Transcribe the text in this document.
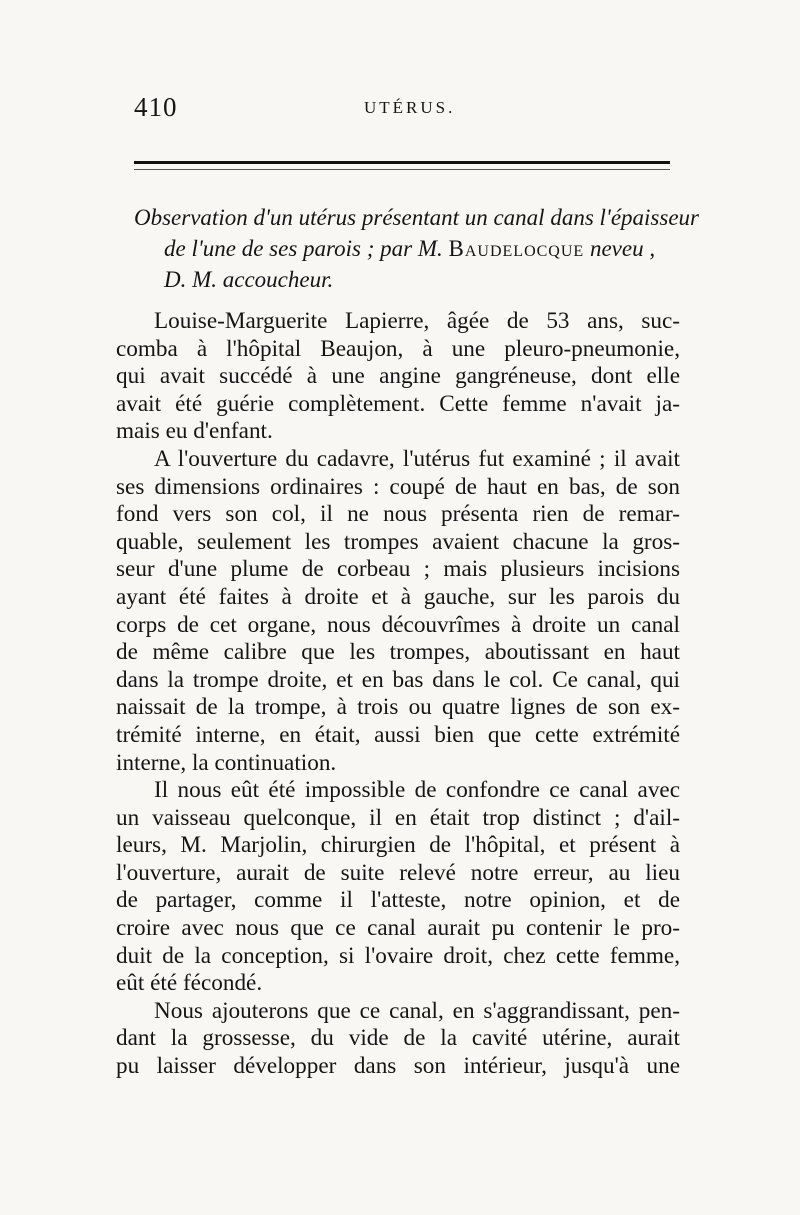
410	UTÉRUS.
Observation d'un utérus présentant un canal dans l'épaisseur
de l'une de ses parois ; par M. Baudelocque neveu ,
D. M. accoucheur.
Louise-Marguerite Lapierre, âgée de 53 ans, suc-
comba à l'hôpital Beaujon, à une pleuro-pneumonie,
qui avait succédé à une angine gangréneuse, dont elle
avait été guérie complètement. Cette femme n'avait ja-
mais eu d'enfant.
A l'ouverture du cadavre, l'utérus fut examiné ; il avait
ses dimensions ordinaires : coupé de haut en bas, de son
fond vers son col, il ne nous présenta rien de remar-
quable, seulement les trompes avaient chacune la gros-
seur d'une plume de corbeau ; mais plusieurs incisions
ayant été faites à droite et à gauche, sur les parois du
corps de cet organe, nous découvrîmes à droite un canal
de même calibre que les trompes, aboutissant en haut
dans la trompe droite, et en bas dans le col. Ce canal, qui
naissait de la trompe, à trois ou quatre lignes de son ex-
trémité interne, en était, aussi bien que cette extrémité
interne, la continuation.
Il nous eût été impossible de confondre ce canal avec
un vaisseau quelconque, il en était trop distinct ; d'ail-
leurs, M. Marjolin, chirurgien de l'hôpital, et présent à
l'ouverture, aurait de suite relevé notre erreur, au lieu
de partager, comme il l'atteste, notre opinion, et de
croire avec nous que ce canal aurait pu contenir le pro-
duit de la conception, si l'ovaire droit, chez cette femme,
eût été fécondé.
Nous ajouterons que ce canal, en s'aggrandissant, pen-
dant la grossesse, du vide de la cavité utérine, aurait
pu laisser développer dans son intérieur, jusqu'à une
